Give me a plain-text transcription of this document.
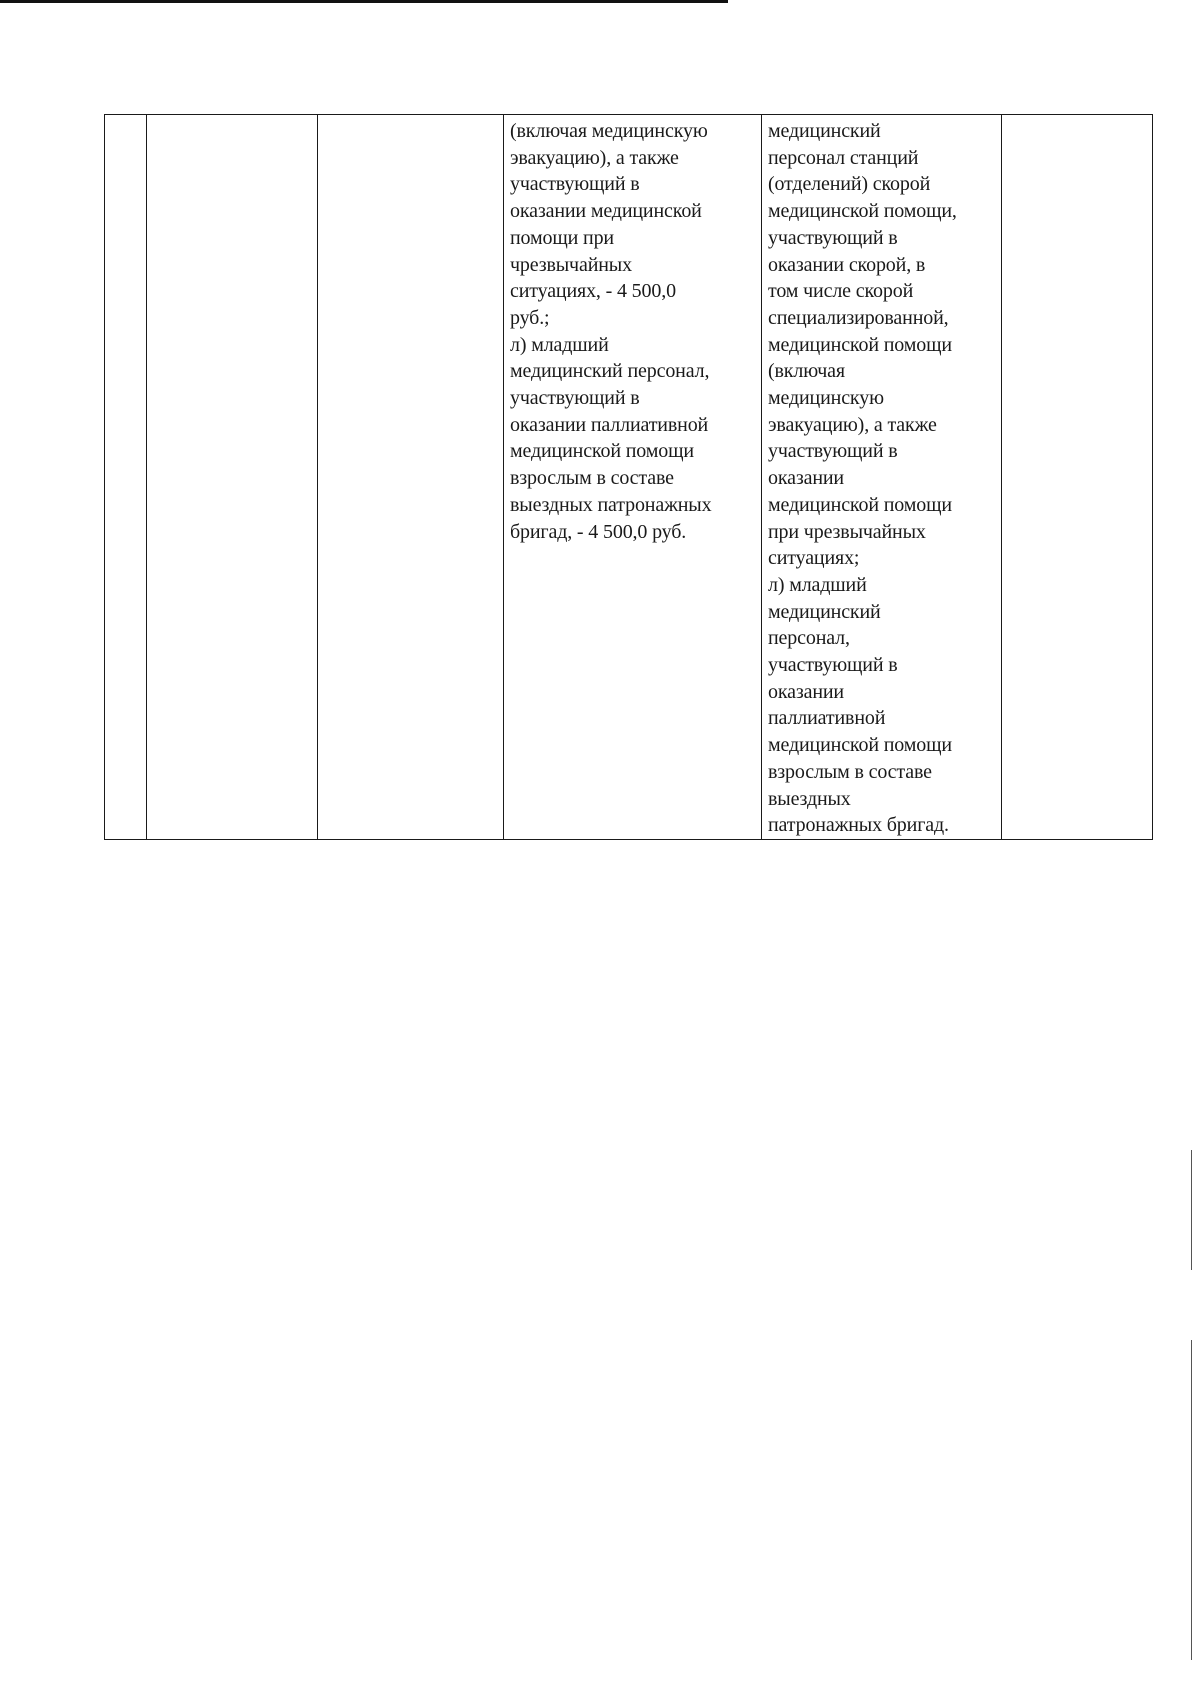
			(включая медицинскую
эвакуацию), а также
участвующий в
оказании медицинской
помощи при
чрезвычайных
ситуациях, - 4 500,0
руб.;
л) младший
медицинский персонал,
участвующий в
оказании паллиативной
медицинской помощи
взрослым в составе
выездных патронажных
бригад, - 4 500,0 руб.	медицинский
персонал станций
(отделений) скорой
медицинской помощи,
участвующий в
оказании скорой, в
том числе скорой
специализированной,
медицинской помощи
(включая
медицинскую
эвакуацию), а также
участвующий в
оказании
медицинской помощи
при чрезвычайных
ситуациях;
л) младший
медицинский
персонал,
участвующий в
оказании
паллиативной
медицинской помощи
взрослым в составе
выездных
патронажных бригад.	
